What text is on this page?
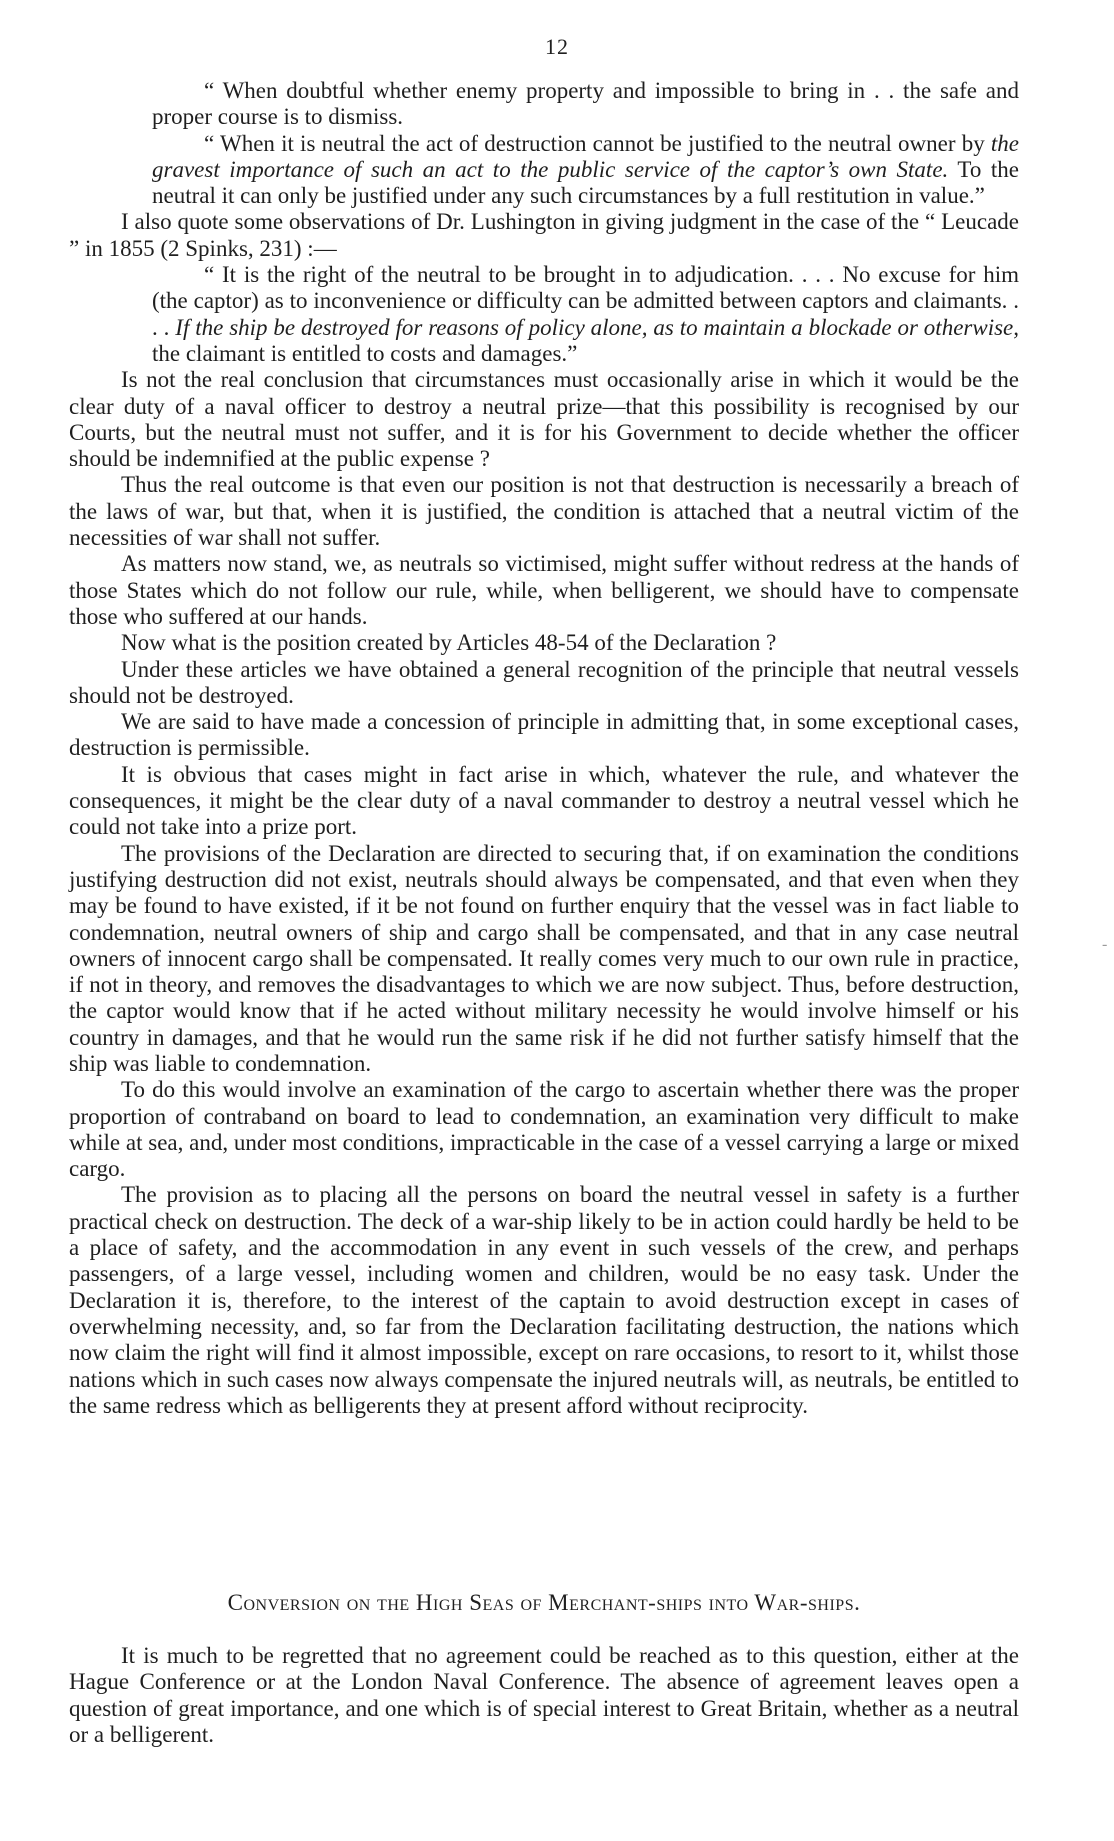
12

“ When doubtful whether enemy property and impossible to bring in . . the safe and proper course is to dismiss.

“ When it is neutral the act of destruction cannot be justified to the neutral owner by the gravest importance of such an act to the public service of the captor’s own State. To the neutral it can only be justified under any such circumstances by a full restitution in value.”

I also quote some observations of Dr. Lushington in giving judgment in the case of the “ Leucade ” in 1855 (2 Spinks, 231) :—

“ It is the right of the neutral to be brought in to adjudication. . . . No excuse for him (the captor) as to inconvenience or difficulty can be admitted between captors and claimants. . . . If the ship be destroyed for reasons of policy alone, as to maintain a blockade or otherwise, the claimant is entitled to costs and damages.”

Is not the real conclusion that circumstances must occasionally arise in which it would be the clear duty of a naval officer to destroy a neutral prize—that this possibility is recognised by our Courts, but the neutral must not suffer, and it is for his Government to decide whether the officer should be indemnified at the public expense ?

Thus the real outcome is that even our position is not that destruction is necessarily a breach of the laws of war, but that, when it is justified, the condition is attached that a neutral victim of the necessities of war shall not suffer.

As matters now stand, we, as neutrals so victimised, might suffer without redress at the hands of those States which do not follow our rule, while, when belligerent, we should have to compensate those who suffered at our hands.

Now what is the position created by Articles 48-54 of the Declaration ?

Under these articles we have obtained a general recognition of the principle that neutral vessels should not be destroyed.

We are said to have made a concession of principle in admitting that, in some exceptional cases, destruction is permissible.

It is obvious that cases might in fact arise in which, whatever the rule, and whatever the consequences, it might be the clear duty of a naval commander to destroy a neutral vessel which he could not take into a prize port.

The provisions of the Declaration are directed to securing that, if on examination the conditions justifying destruction did not exist, neutrals should always be compensated, and that even when they may be found to have existed, if it be not found on further enquiry that the vessel was in fact liable to condemnation, neutral owners of ship and cargo shall be compensated, and that in any case neutral owners of innocent cargo shall be compensated. It really comes very much to our own rule in practice, if not in theory, and removes the disadvantages to which we are now subject. Thus, before destruction, the captor would know that if he acted without military necessity he would involve himself or his country in damages, and that he would run the same risk if he did not further satisfy himself that the ship was liable to condemnation.

To do this would involve an examination of the cargo to ascertain whether there was the proper proportion of contraband on board to lead to condemnation, an examination very difficult to make while at sea, and, under most conditions, impracticable in the case of a vessel carrying a large or mixed cargo.

The provision as to placing all the persons on board the neutral vessel in safety is a further practical check on destruction. The deck of a war-ship likely to be in action could hardly be held to be a place of safety, and the accommodation in any event in such vessels of the crew, and perhaps passengers, of a large vessel, including women and children, would be no easy task. Under the Declaration it is, therefore, to the interest of the captain to avoid destruction except in cases of overwhelming necessity, and, so far from the Declaration facilitating destruction, the nations which now claim the right will find it almost impossible, except on rare occasions, to resort to it, whilst those nations which in such cases now always compensate the injured neutrals will, as neutrals, be entitled to the same redress which as belligerents they at present afford without reciprocity.

Conversion on the High Seas of Merchant-ships into War-ships.

It is much to be regretted that no agreement could be reached as to this question, either at the Hague Conference or at the London Naval Conference. The absence of agreement leaves open a question of great importance, and one which is of special interest to Great Britain, whether as a neutral or a belligerent.

-
